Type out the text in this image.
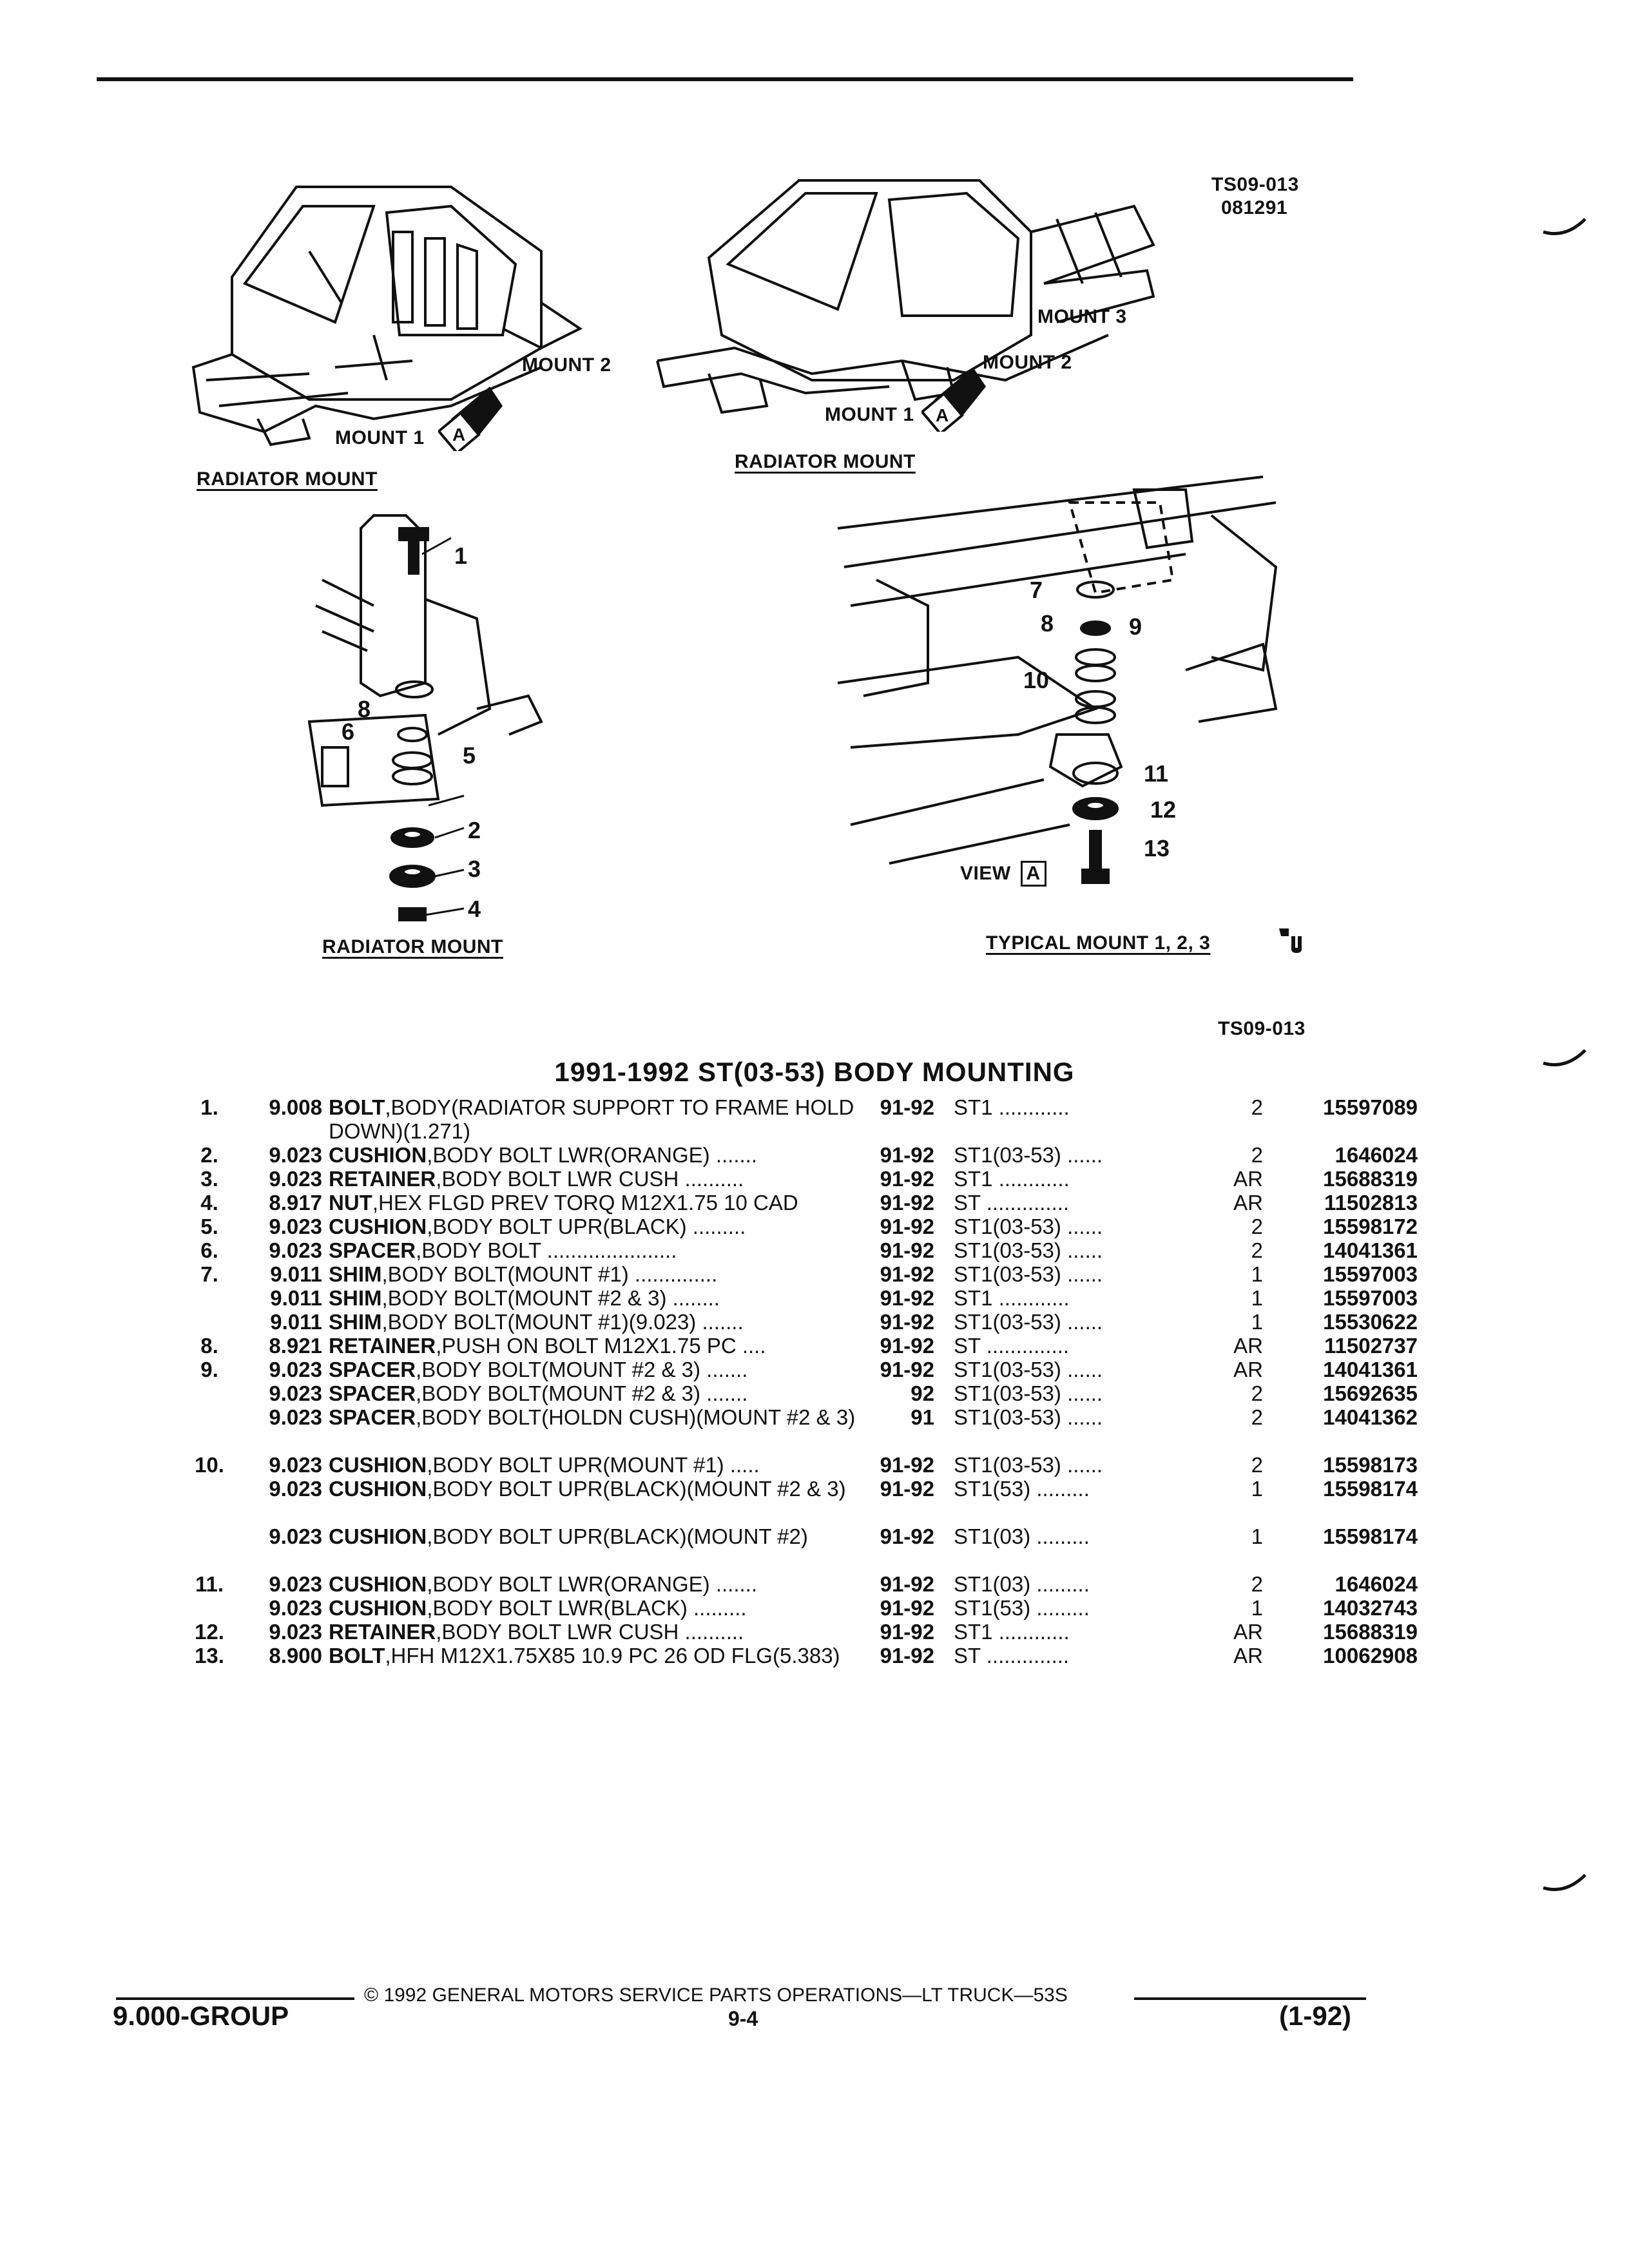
TS09-013
081291
A
A
MOUNT 2
MOUNT 1
RADIATOR MOUNT
MOUNT 3
MOUNT 2
MOUNT 1
RADIATOR MOUNT
RADIATOR MOUNT	TYPICAL MOUNT 1, 2, 3
VIEW A
1
8
6
5
2
3
4
7
8	9
10
11
12
13
TS09-013
1991-1992 ST(03-53) BODY MOUNTING
1.	9.008 BOLT,BODY(RADIATOR SUPPORT TO FRAME HOLD DOWN)(1.271)
91-92 ST1 ............	2	15597089
2.	9.023 CUSHION,BODY BOLT LWR(ORANGE) .......	91-92 ST1(03-53) ......	2	1646024
3.	9.023 RETAINER,BODY BOLT LWR CUSH ..........	91-92 ST1 ............	AR	15688319
4.	8.917 NUT,HEX FLGD PREV TORQ M12X1.75 10 CAD	91-92 ST ..............	AR	11502813
5.	9.023 CUSHION,BODY BOLT UPR(BLACK) .........	91-92 ST1(03-53) ......	2	15598172
6.	9.023 SPACER,BODY BOLT ......................	91-92 ST1(03-53) ......	2	14041361
7.	9.011 SHIM,BODY BOLT(MOUNT #1) ..............	91-92 ST1(03-53) ......	1	15597003
9.011 SHIM,BODY BOLT(MOUNT #2 & 3) ........	91-92 ST1 ............	1	15597003
9.011 SHIM,BODY BOLT(MOUNT #1)(9.023) .......	91-92 ST1(03-53) ......	1	15530622
8.	8.921 RETAINER,PUSH ON BOLT M12X1.75 PC ....	91-92 ST ..............	AR	11502737
9.	9.023 SPACER,BODY BOLT(MOUNT #2 & 3) .......	91-92 ST1(03-53) ......	AR	14041361
9.023 SPACER,BODY BOLT(MOUNT #2 & 3) .......	92 ST1(03-53) ......	2	15692635
9.023 SPACER,BODY BOLT(HOLDN CUSH)(MOUNT #2 & 3)	91 ST1(03-53) ......	2	14041362
10.	9.023 CUSHION,BODY BOLT UPR(MOUNT #1) .....	91-92 ST1(03-53) ......	2	15598173
9.023 CUSHION,BODY BOLT UPR(BLACK)(MOUNT #2 & 3)	91-92 ST1(53) .........	1	15598174
9.023 CUSHION,BODY BOLT UPR(BLACK)(MOUNT #2)	91-92 ST1(03) .........	1	15598174
11.	9.023 CUSHION,BODY BOLT LWR(ORANGE) .......	91-92 ST1(03) .........	2	1646024
9.023 CUSHION,BODY BOLT LWR(BLACK) .........	91-92 ST1(53) .........	1	14032743
12.	9.023 RETAINER,BODY BOLT LWR CUSH ..........	91-92 ST1 ............	AR	15688319
13.	8.900 BOLT,HFH M12X1.75X85 10.9 PC 26 OD FLG(5.383)	91-92 ST ..............	AR	10062908
© 1992 GENERAL MOTORS SERVICE PARTS OPERATIONS—LT TRUCK—53S
9.000-GROUP	9-4	(1-92)
